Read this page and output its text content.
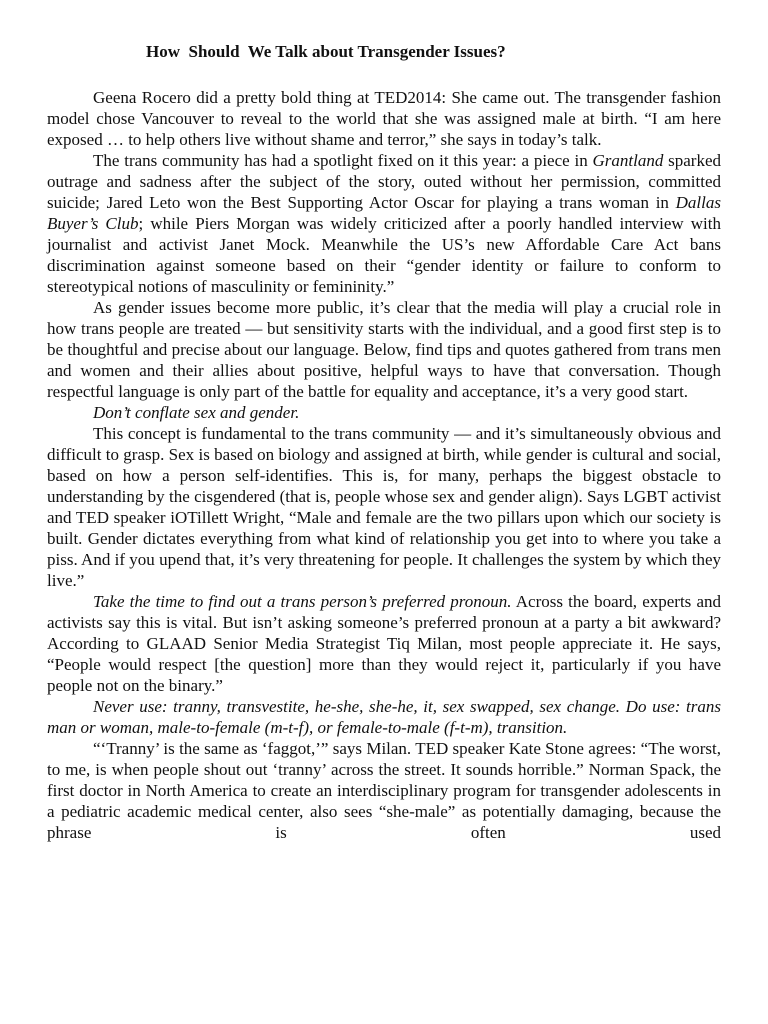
How  Should  We Talk about Transgender Issues?

Geena Rocero did a pretty bold thing at TED2014: She came out. The transgender fashion model chose Vancouver to reveal to the world that she was assigned male at birth. “I am here exposed … to help others live without shame and terror,” she says in today’s talk.

The trans community has had a spotlight fixed on it this year: a piece in Grantland sparked outrage and sadness after the subject of the story, outed without her permission, committed suicide; Jared Leto won the Best Supporting Actor Oscar for playing a trans woman in Dallas Buyer’s Club; while Piers Morgan was widely criticized after a poorly handled interview with journalist and activist Janet Mock. Meanwhile the US’s new Affordable Care Act bans discrimination against someone based on their “gender identity or failure to conform to stereotypical notions of masculinity or femininity.”

As gender issues become more public, it’s clear that the media will play a crucial role in how trans people are treated — but sensitivity starts with the individual, and a good first step is to be thoughtful and precise about our language. Below, find tips and quotes gathered from trans men and women and their allies about positive, helpful ways to have that conversation. Though respectful language is only part of the battle for equality and acceptance, it’s a very good start.

Don’t conflate sex and gender.

This concept is fundamental to the trans community — and it’s simultaneously obvious and difficult to grasp. Sex is based on biology and assigned at birth, while gender is cultural and social, based on how a person self-identifies. This is, for many, perhaps the biggest obstacle to understanding by the cisgendered (that is, people whose sex and gender align). Says LGBT activist and TED speaker iOTillett Wright, “Male and female are the two pillars upon which our society is built. Gender dictates everything from what kind of relationship you get into to where you take a piss. And if you upend that, it’s very threatening for people. It challenges the system by which they live.”

Take the time to find out a trans person’s preferred pronoun. Across the board, experts and activists say this is vital. But isn’t asking someone’s preferred pronoun at a party a bit awkward? According to GLAAD Senior Media Strategist Tiq Milan, most people appreciate it. He says, “People would respect [the question] more than they would reject it, particularly if you have people not on the binary.”

Never use: tranny, transvestite, he-she, she-he, it, sex swapped, sex change. Do use: trans man or woman, male-to-female (m-t-f), or female-to-male (f-t-m), transition.

“‘Tranny’ is the same as ‘faggot,’” says Milan. TED speaker Kate Stone agrees: “The worst, to me, is when people shout out ‘tranny’ across the street. It sounds horrible.” Norman Spack, the first doctor in North America to create an interdisciplinary program for transgender adolescents in a pediatric academic medical center, also sees “she-male” as potentially damaging, because the phrase is often used
